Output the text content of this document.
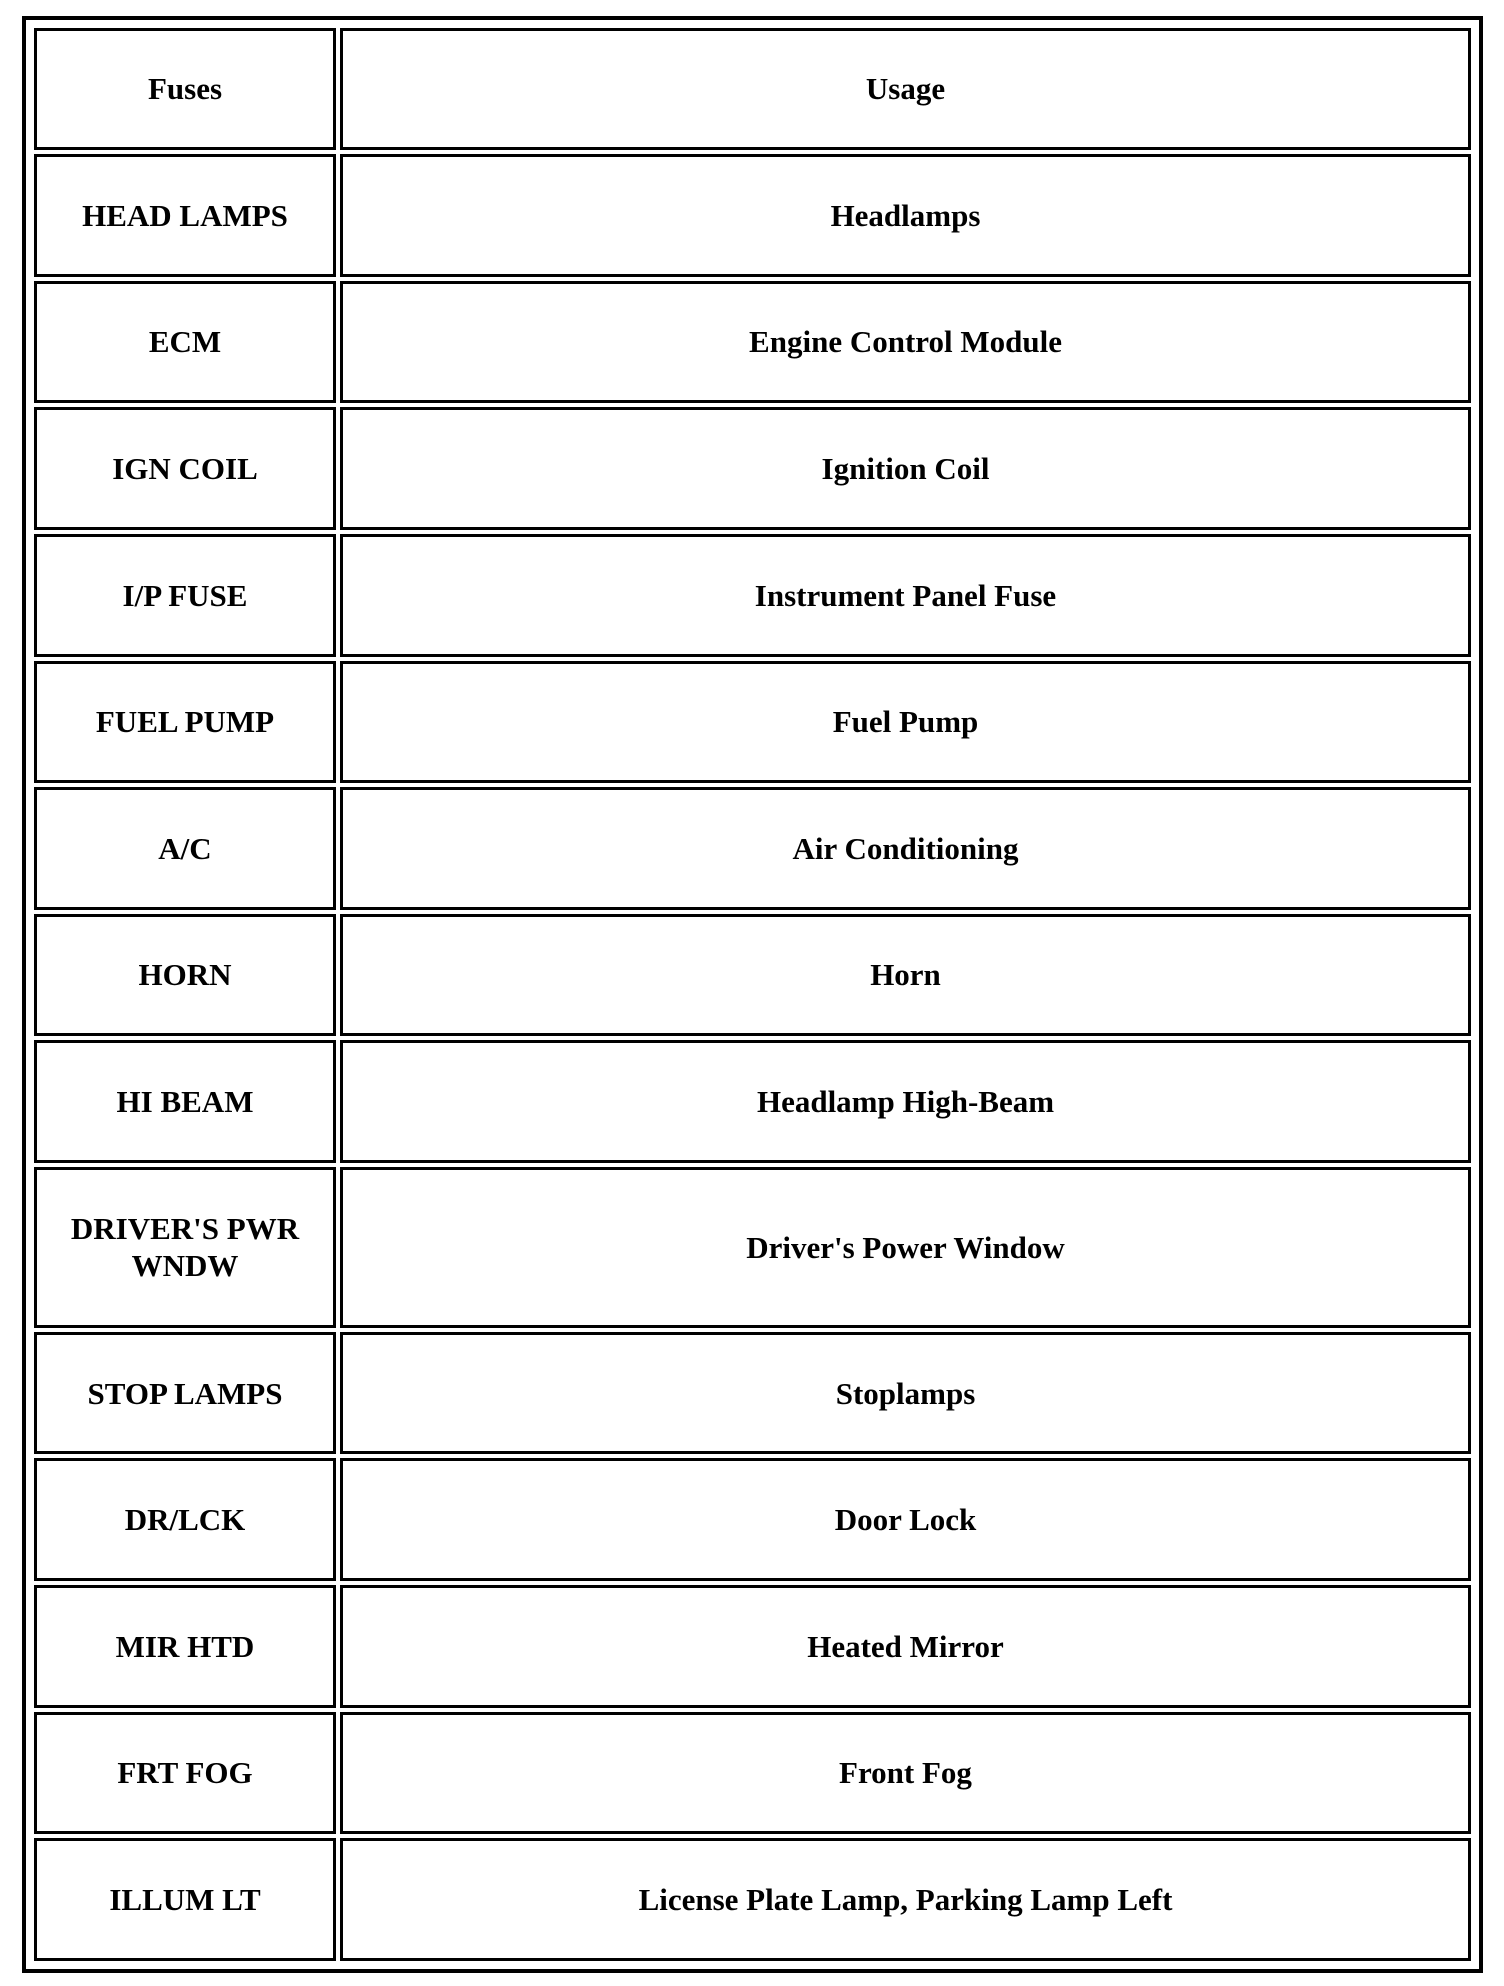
Fuses	Usage
HEAD LAMPS	Headlamps
ECM	Engine Control Module
IGN COIL	Ignition Coil
I/P FUSE	Instrument Panel Fuse
FUEL PUMP	Fuel Pump
A/C	Air Conditioning
HORN	Horn
HI BEAM	Headlamp High-Beam
DRIVER'S PWR WNDW	Driver's Power Window
STOP LAMPS	Stoplamps
DR/LCK	Door Lock
MIR HTD	Heated Mirror
FRT FOG	Front Fog
ILLUM LT	License Plate Lamp, Parking Lamp Left
